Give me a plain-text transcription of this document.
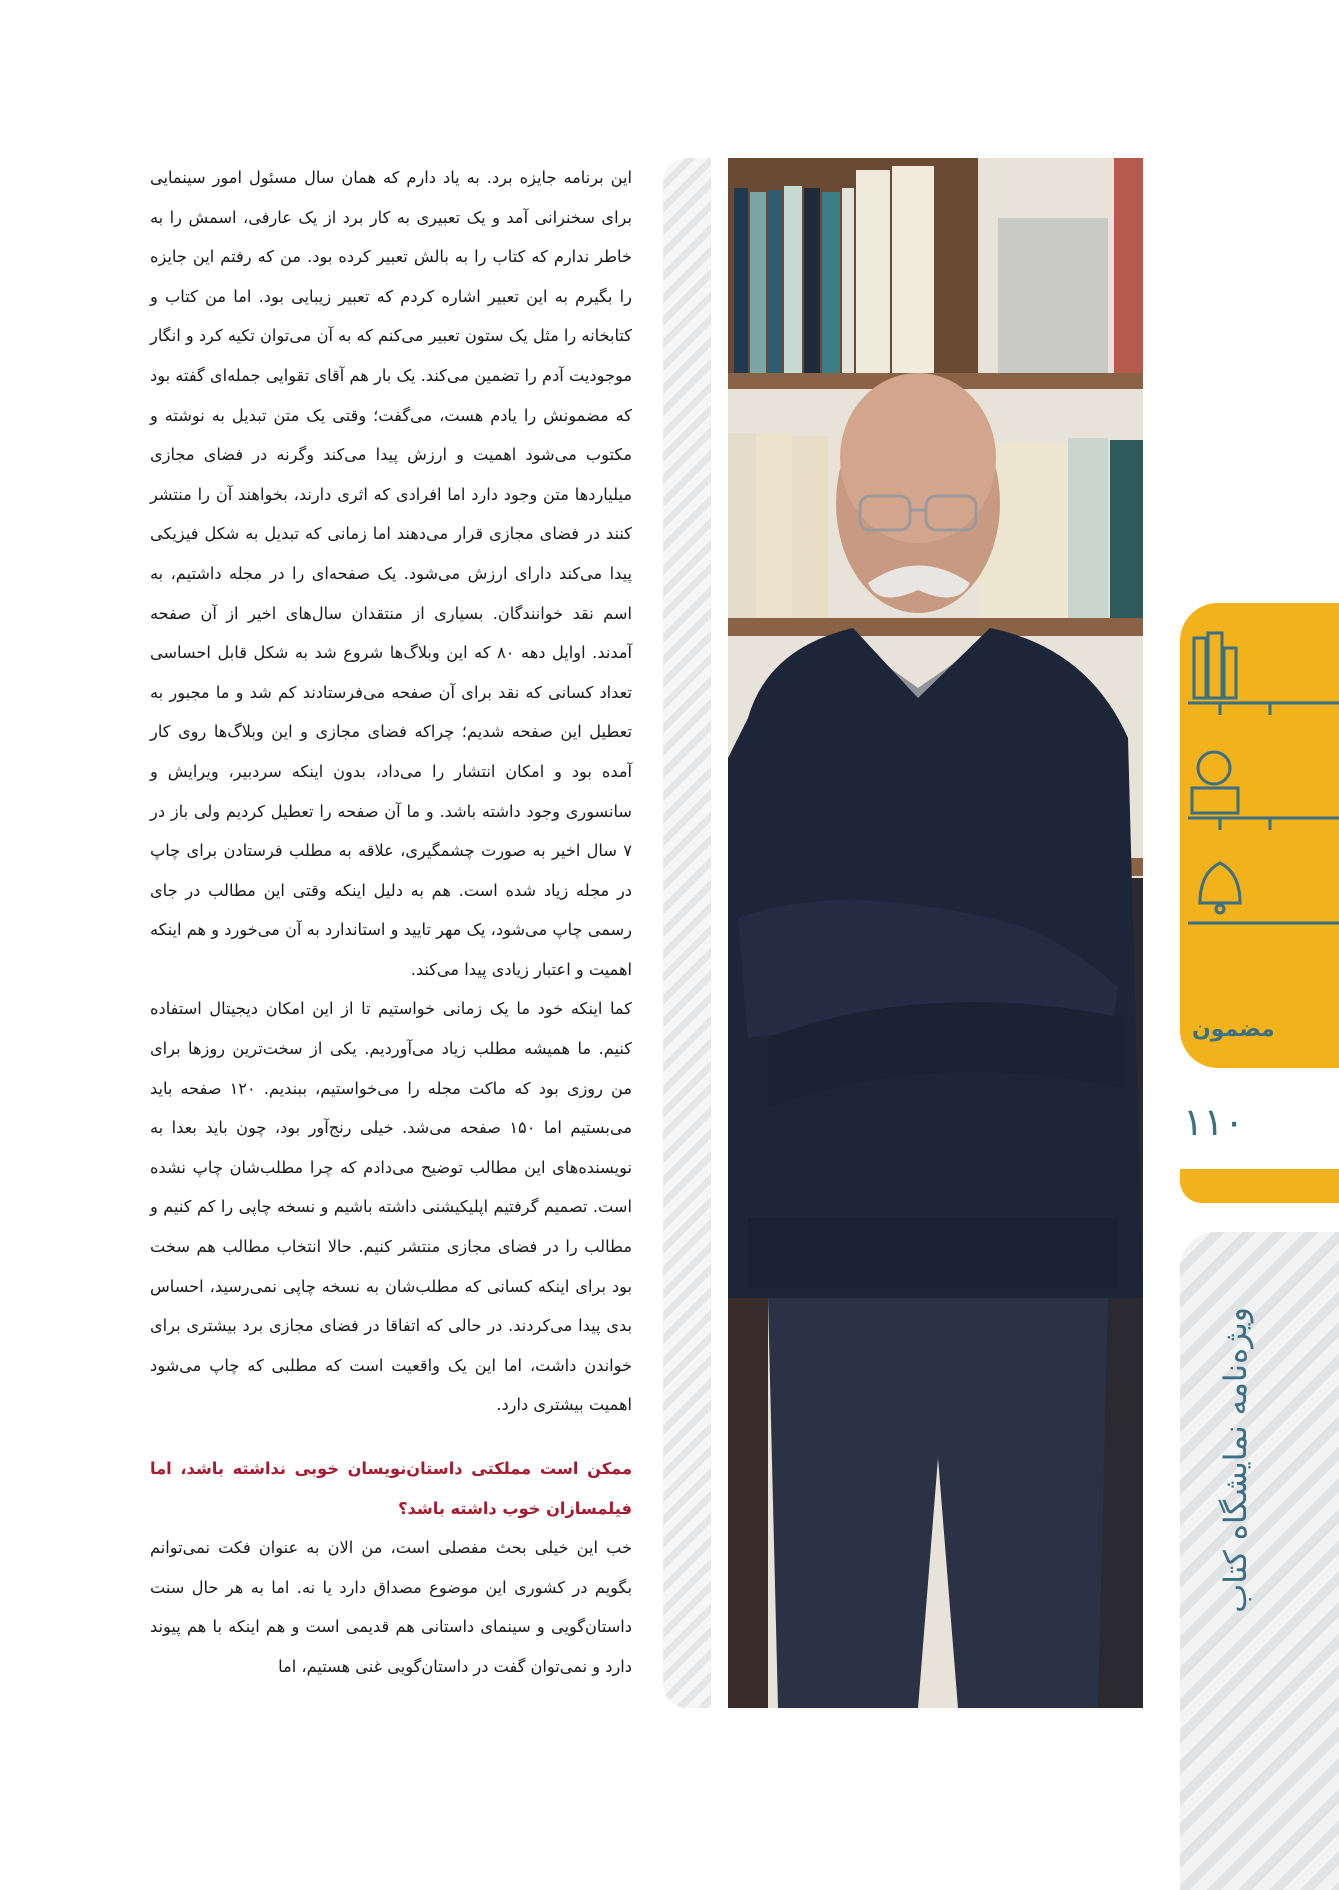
این برنامه جایزه برد. به یاد دارم که همان سال مسئول امور سینمایی برای سخنرانی آمد و یک تعبیری به کار برد از یک عارفی، اسمش را به خاطر ندارم که کتاب را به بالش تعبیر کرده بود. من که رفتم این جایزه را بگیرم به این تعبیر اشاره کردم که تعبیر زیبایی بود. اما من کتاب و کتابخانه را مثل یک ستون تعبیر می‌کنم که به آن می‌توان تکیه کرد و انگار موجودیت آدم را تضمین می‌کند. یک بار هم آقای تقوایی جمله‌ای گفته بود که مضمونش را یادم هست، می‌گفت؛ وقتی یک متن تبدیل به نوشته و مکتوب می‌شود اهمیت و ارزش پیدا می‌کند وگرنه در فضای مجازی میلیاردها متن وجود دارد اما افرادی که اثری دارند، بخواهند آن را منتشر کنند در فضای مجازی قرار می‌دهند اما زمانی که تبدیل به شکل فیزیکی پیدا می‌کند دارای ارزش می‌شود. یک صفحه‌ای را در مجله داشتیم، به اسم نقد خوانندگان. بسیاری از منتقدان سال‌های اخیر از آن صفحه آمدند. اوایل دهه ۸۰ که این وبلاگ‌ها شروع شد به شکل قابل احساسی تعداد کسانی که نقد برای آن صفحه می‌فرستادند کم شد و ما مجبور به تعطیل این صفحه شدیم؛ چراکه فضای مجازی و این وبلاگ‌ها روی کار آمده بود و امکان انتشار را می‌داد، بدون اینکه سردبیر، ویرایش و سانسوری وجود داشته باشد. و ما آن صفحه را تعطیل کردیم ولی باز در ۷ سال اخیر به صورت چشمگیری، علاقه به مطلب فرستادن برای چاپ در مجله زیاد شده است. هم به دلیل اینکه وقتی این مطالب در جای رسمی چاپ می‌شود، یک مهر تایید و استاندارد به آن می‌خورد و هم اینکه اهمیت و اعتبار زیادی پیدا می‌کند.

کما اینکه خود ما یک زمانی خواستیم تا از این امکان دیجیتال استفاده کنیم. ما همیشه مطلب زیاد می‌آوردیم. یکی از سخت‌ترین روزها برای من روزی بود که ماکت مجله را می‌خواستیم، ببندیم. ۱۲۰ صفحه باید می‌بستیم اما ۱۵۰ صفحه می‌شد. خیلی رنج‌آور بود، چون باید بعدا به نویسنده‌های این مطالب توضیح می‌دادم که چرا مطلب‌شان چاپ نشده است. تصمیم گرفتیم اپلیکیشنی داشته باشیم و نسخه چاپی را کم کنیم و مطالب را در فضای مجازی منتشر کنیم. حالا انتخاب مطالب هم سخت بود برای اینکه کسانی که مطلب‌شان به نسخه چاپی نمی‌رسید، احساس بدی پیدا می‌کردند. در حالی که اتفاقا در فضای مجازی برد بیشتری برای خواندن داشت، اما این یک واقعیت است که مطلبی که چاپ می‌شود اهمیت بیشتری دارد.

ممکن است مملکتی داستان‌نویسان خوبی نداشته باشد، اما فیلمسازان خوب داشته باشد؟

خب این خیلی بحث مفصلی است، من الان به عنوان فکت نمی‌توانم بگویم در کشوری این موضوع مصداق دارد یا نه. اما به هر حال سنت داستان‌گویی و سینمای داستانی هم قدیمی است و هم اینکه با هم پیوند دارد و نمی‌توان گفت در داستان‌گویی غنی هستیم، اما

مضمون
۱۱۰
ویژه‌نامه نمایشگاه کتاب
